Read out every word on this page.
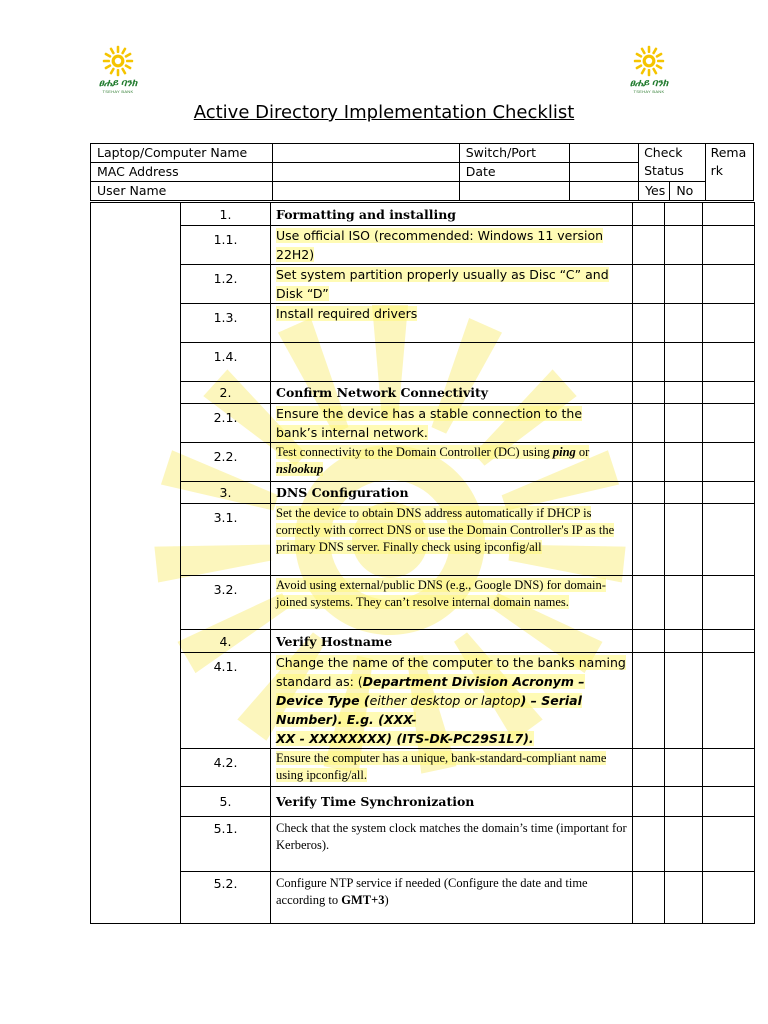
ፀሐይ ባንክ
TSEHAY BANK
ፀሐይ ባንክ
TSEHAY BANK
Active Directory Implementation Checklist
Laptop/Computer Name		Switch/Port		Check Status		Remark

MAC Address		Date				
User Name				Yes	No	
	1.	Formatting and installing			
	1.1.	Use official ISO (recommended: Windows 11 version 22H2)			
	1.2.	Set system partition properly usually as Disc “C” and Disk “D”			
	1.3.	Install required drivers			
	1.4.				
	2.	Confirm Network Connectivity			
	2.1.	Ensure the device has a stable connection to the bank’s internal network.			
	2.2.	Test connectivity to the Domain Controller (DC) using ping or nslookup			
	3.	DNS Configuration			
	3.1.	Set the device to obtain DNS address automatically if DHCP is correctly with correct DNS or use the Domain Controller's IP as the primary DNS server. Finally check using ipconfig/all			
	3.2.	Avoid using external/public DNS (e.g., Google DNS) for domain-joined systems. They can’t resolve internal domain names.			
	4.	Verify Hostname			
	4.1.	Change the name of the computer to the banks naming standard as: (Department Division Acronym – Device Type (either desktop or laptop) – Serial Number). E.g. (XXX-
XX - XXXXXXXX) (ITS-DK-PC29S1L7).			
	4.2.	Ensure the computer has a unique, bank-standard-compliant name using ipconfig/all.			
	5.	Verify Time Synchronization			
	5.1.	Check that the system clock matches the domain’s time (important for Kerberos).			
	5.2.	Configure NTP service if needed (Configure the date and time according to GMT+3)			
